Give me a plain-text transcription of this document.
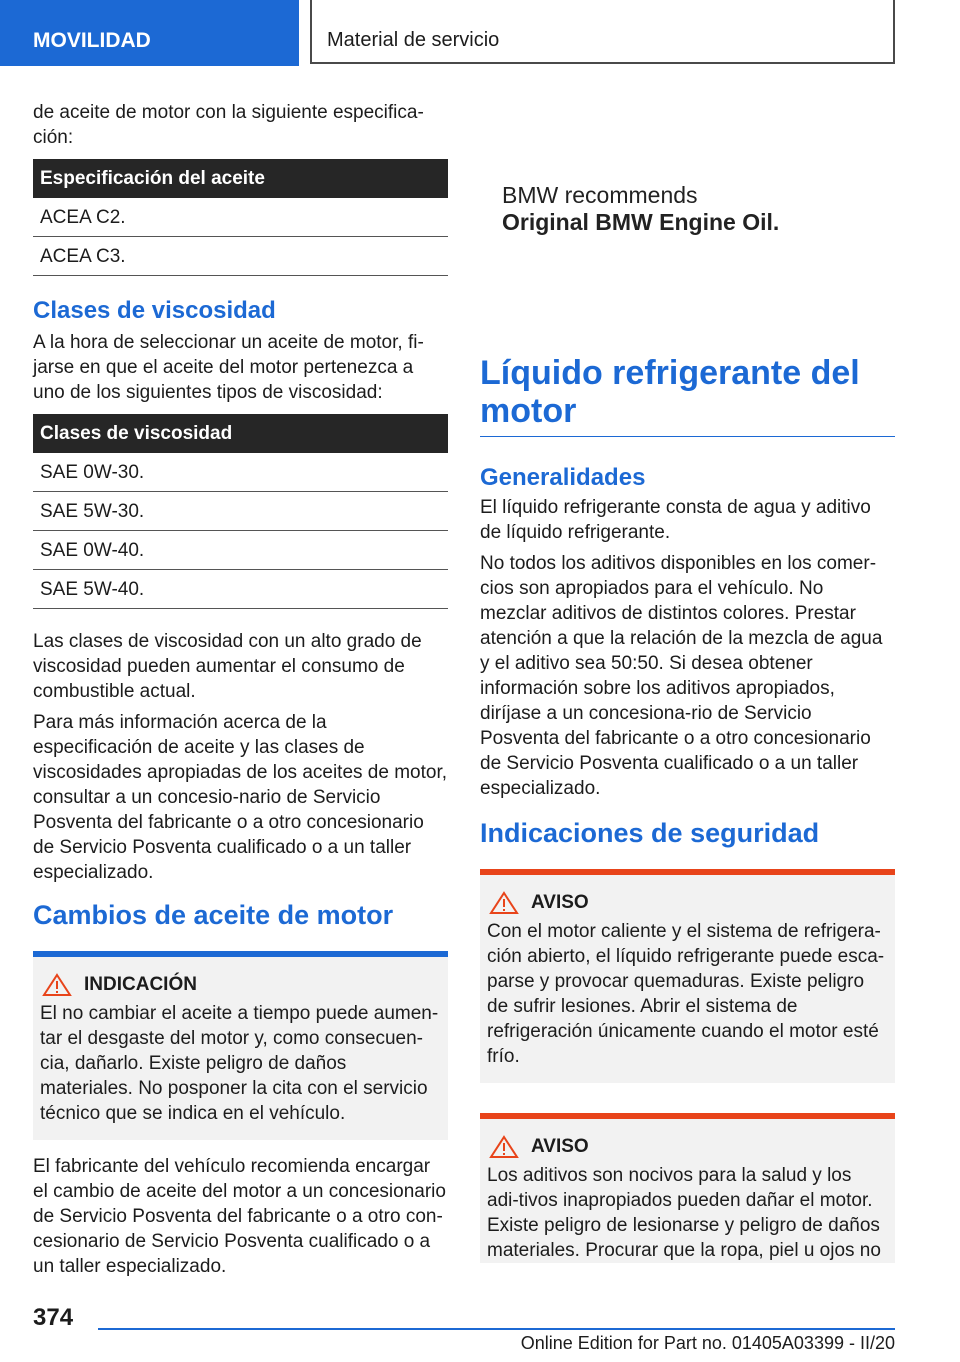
MOVILIDAD	Material de servicio

de aceite de motor con la siguiente especifica-ción:

Especificación del aceite
ACEA C2.
ACEA C3.
Clases de viscosidad

A la hora de seleccionar un aceite de motor, fi-jarse en que el aceite del motor pertenezca a uno de los siguientes tipos de viscosidad:

Clases de viscosidad
SAE 0W-30.
SAE 5W-30.
SAE 0W-40.
SAE 5W-40.

Las clases de viscosidad con un alto grado de viscosidad pueden aumentar el consumo de combustible actual.

Para más información acerca de la especificación de aceite y las clases de viscosidades apropiadas de los aceites de motor, consultar a un concesio-nario de Servicio Posventa del fabricante o a otro concesionario de Servicio Posventa cualificado o a un taller especializado.

Cambios de aceite de motor
INDICACIÓN

El no cambiar el aceite a tiempo puede aumen-tar el desgaste del motor y, como consecuen-cia, dañarlo. Existe peligro de daños materiales. No posponer la cita con el servicio técnico que se indica en el vehículo.

El fabricante del vehículo recomienda encargar el cambio de aceite del motor a un concesionario de Servicio Posventa del fabricante o a otro con-cesionario de Servicio Posventa cualificado o a un taller especializado.

BMW recommends
Original BMW Engine Oil.
Líquido refrigerante del motor
Generalidades

El líquido refrigerante consta de agua y aditivo de líquido refrigerante.

No todos los aditivos disponibles en los comer-cios son apropiados para el vehículo. No mezclar aditivos de distintos colores. Prestar atención a que la relación de la mezcla de agua y el aditivo sea 50:50. Si desea obtener información sobre los aditivos apropiados, diríjase a un concesiona-rio de Servicio Posventa del fabricante o a otro concesionario de Servicio Posventa cualificado o a un taller especializado.

Indicaciones de seguridad
AVISO

Con el motor caliente y el sistema de refrigera-ción abierto, el líquido refrigerante puede esca-parse y provocar quemaduras. Existe peligro de sufrir lesiones. Abrir el sistema de refrigeración únicamente cuando el motor esté frío.

AVISO

Los aditivos son nocivos para la salud y los adi-tivos inapropiados pueden dañar el motor. Existe peligro de lesionarse y peligro de daños materiales. Procurar que la ropa, piel u ojos no

374
Online Edition for Part no. 01405A03399 - II/20
